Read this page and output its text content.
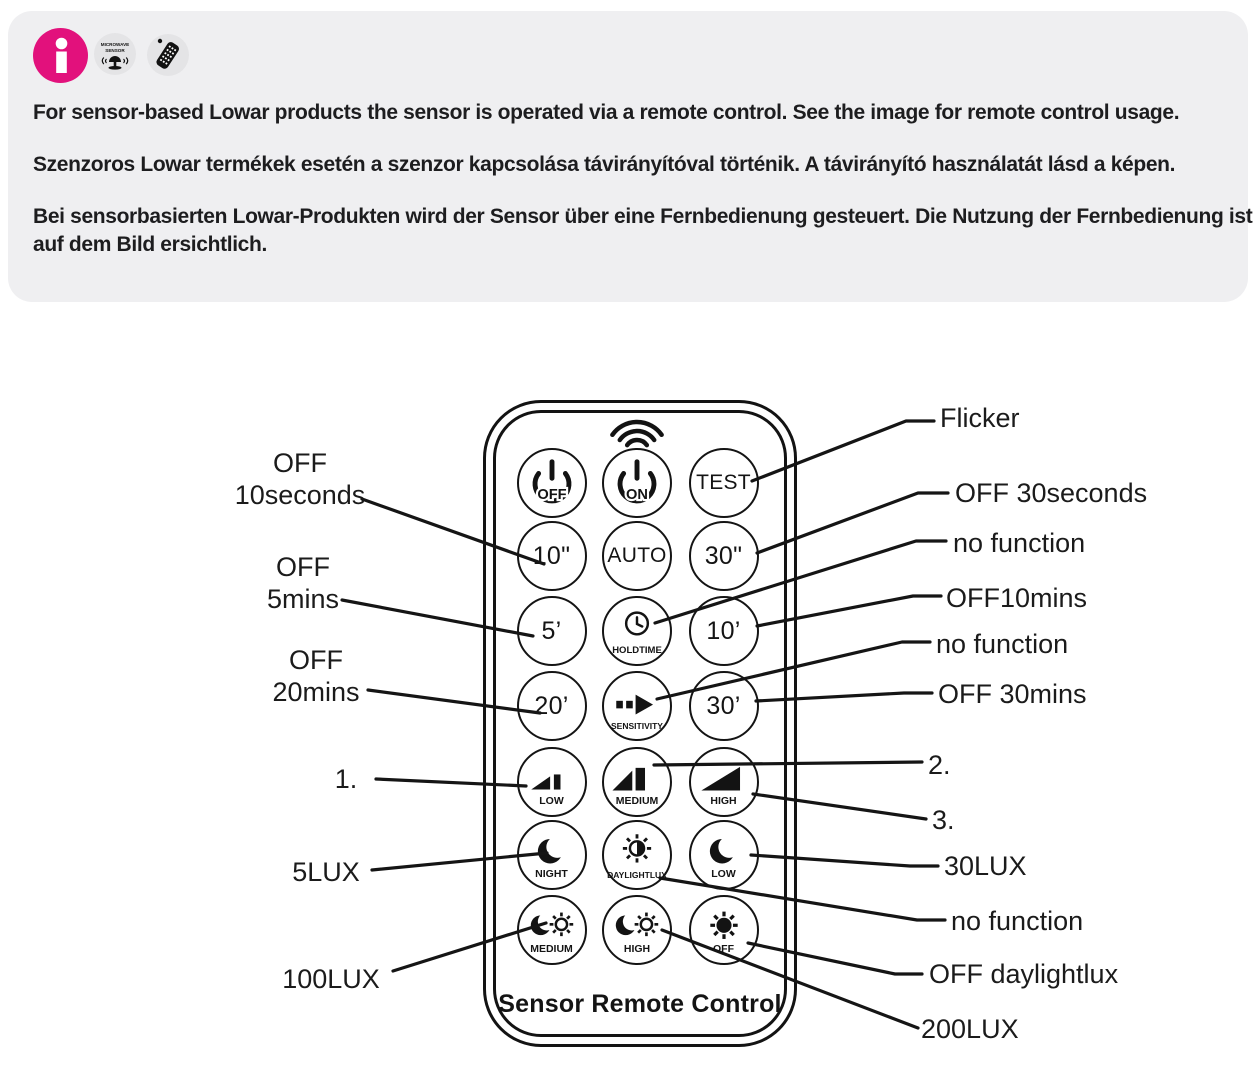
MICROWAVE
SENSOR
For sensor-based Lowar products the sensor is operated via a remote control. See the image for remote control usage.
Szenzoros Lowar termékek esetén a szenzor kapcsolása távirányítóval történik. A távirányító használatát lásd a képen.
Bei sensorbasierten Lowar-Produkten wird der Sensor über eine Fernbedienung gesteuert. Die Nutzung der Fernbedienung ist
auf dem Bild ersichtlich.
OFF	ON
TEST
10"	AUTO	30"
5’
HOLDTIME
10’
20’
SENSITIVITY
30’
LOW	MEDIUM	HIGH
NIGHT	DAYLIGHTLUX	LOW
MEDIUM	HIGH	OFF
Sensor Remote Control
OFF
10seconds
OFF
5mins
OFF
20mins
1.
5LUX
100LUX
Flicker
OFF 30seconds
no function
OFF10mins
no function
OFF 30mins
2.
3.
30LUX
no function
OFF daylightlux
200LUX
